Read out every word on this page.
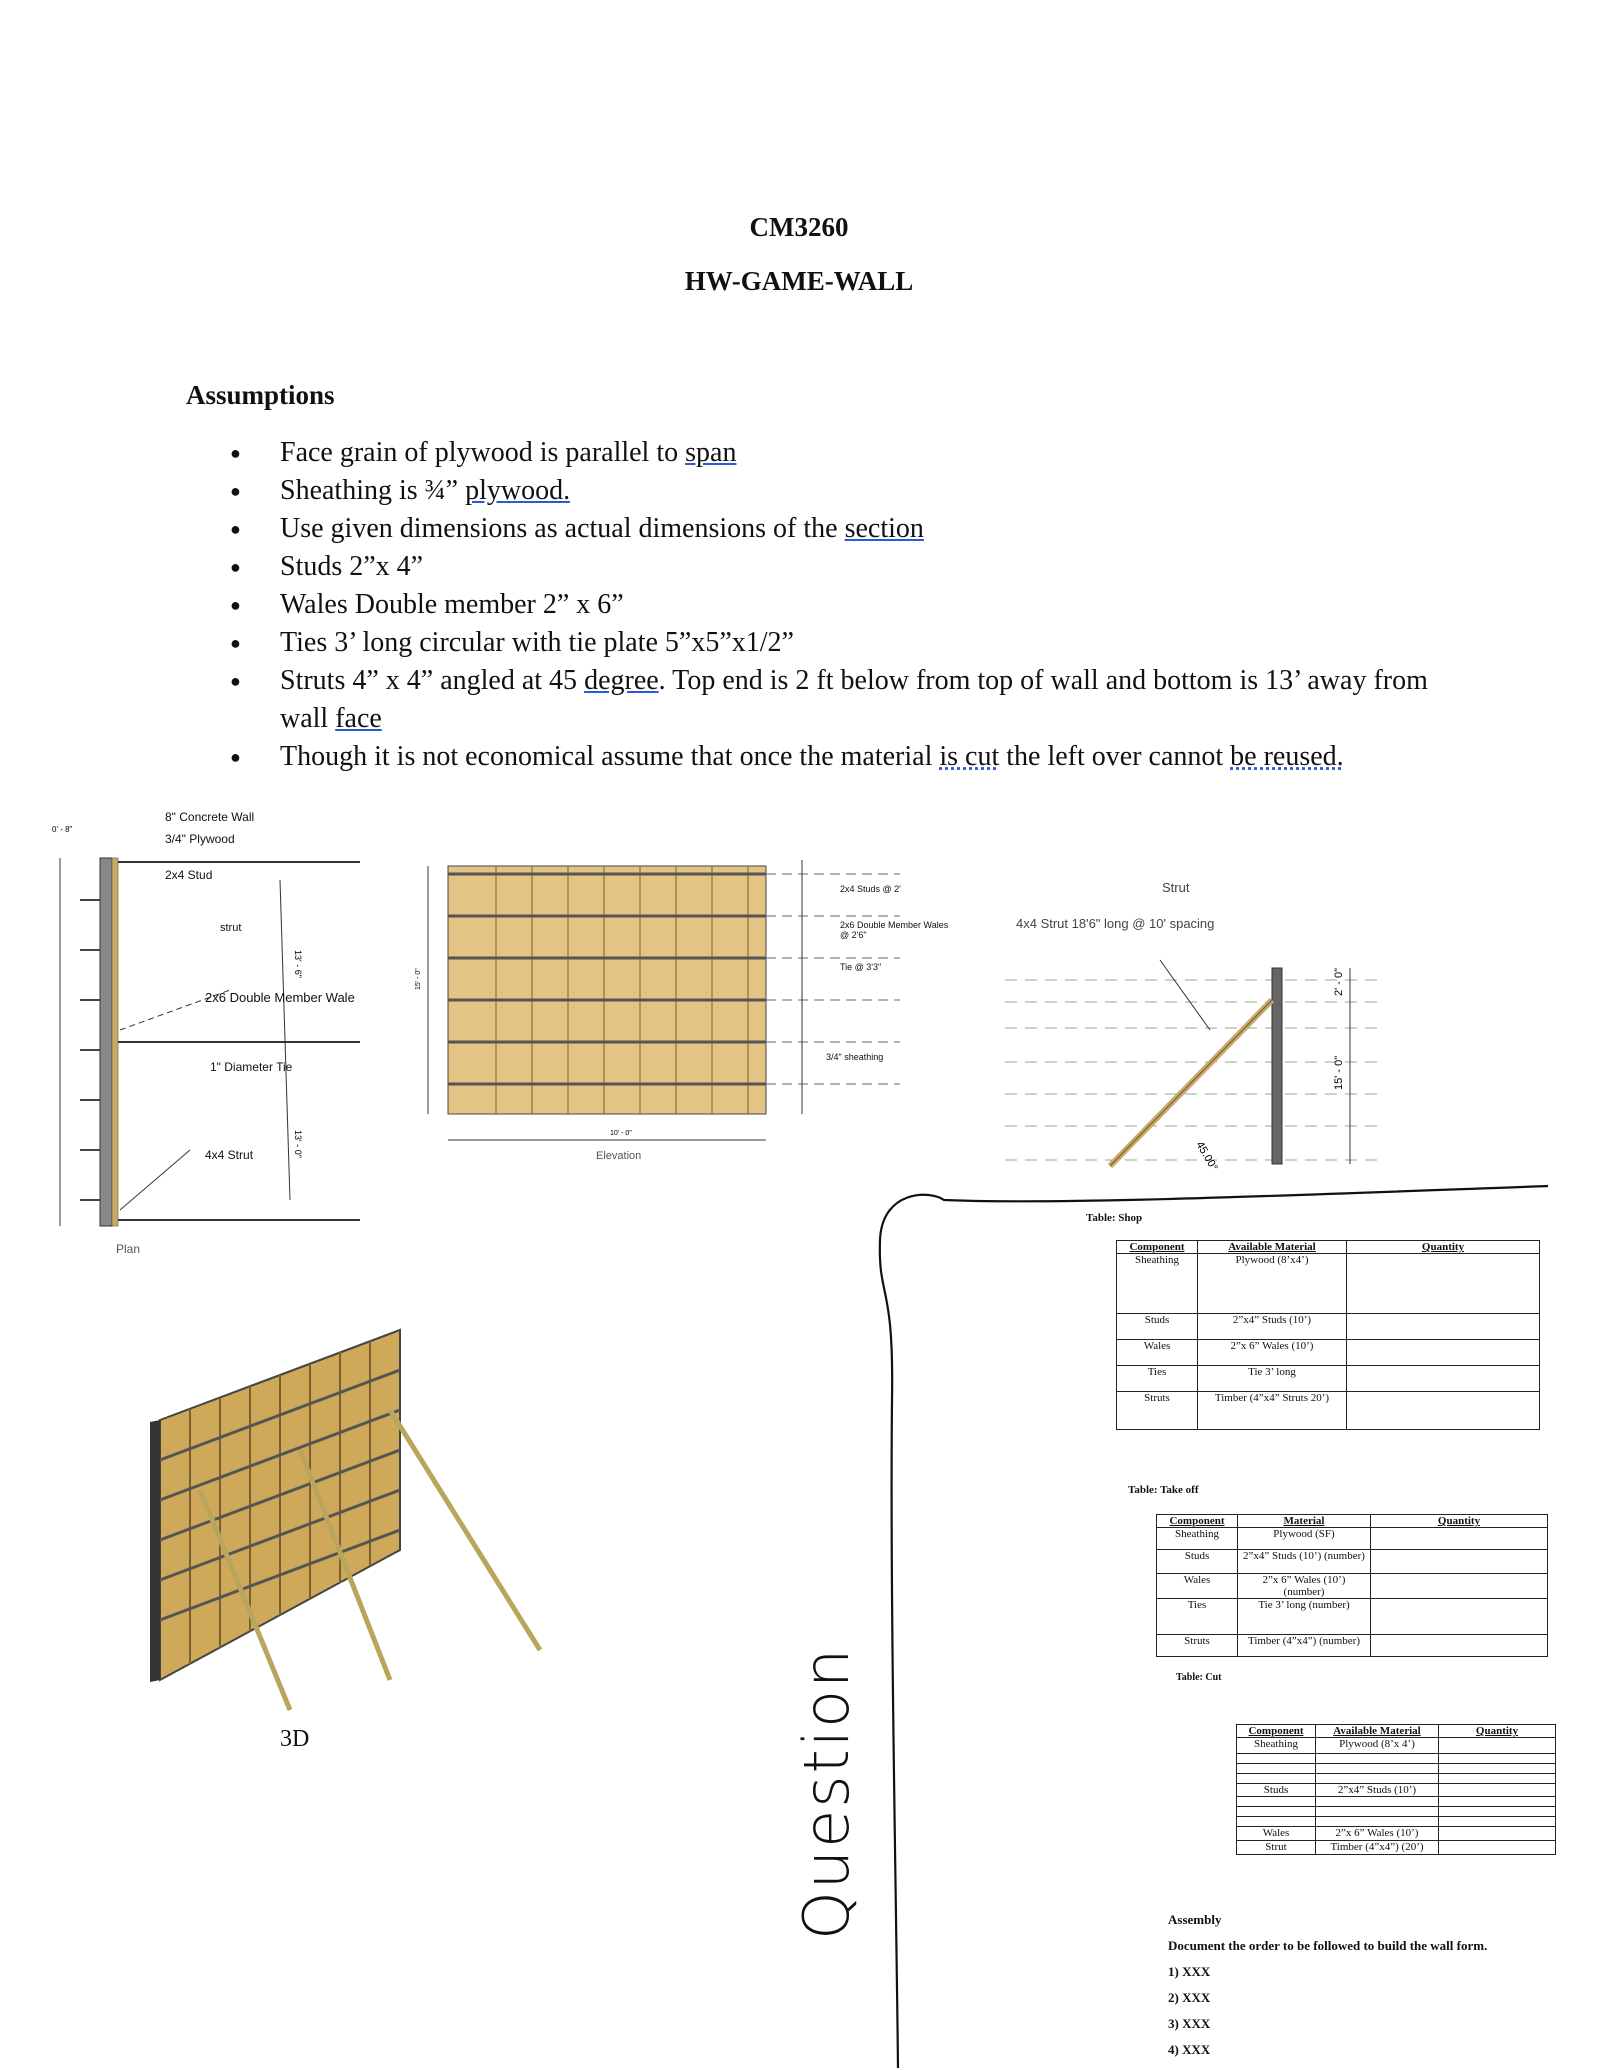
CM3260
HW-GAME-WALL
Assumptions
● Face grain of plywood is parallel to span
● Sheathing is ¾” plywood.
● Use given dimensions as actual dimensions of the section
● Studs 2”x 4”
● Wales Double member 2” x 6”
● Ties 3’ long circular with tie plate 5”x5”x1/2”
● Struts 4” x 4” angled at 45 degree. Top end is 2 ft below from top of wall and bottom is 13’ away from wall face
● Though it is not economical assume that once the material is cut the left over cannot be reused.
0' - 8"
13' - 6"
13' - 0"
8" Concrete Wall
3/4" Plywood
2x4 Stud
strut
2x6 Double Member Wale
1" Diameter Tie
4x4 Strut
Plan
15' - 0"
10' - 0"
2x4 Studs @ 2'
2x6 Double Member Wales @ 2'6"
Tie @ 3'3"
3/4" sheathing
Elevation
Strut
4x4 Strut 18'6" long @ 10' spacing
45.00°
2' - 0"
15' - 0"
3D	Question
Table: Shop
Component	Available Material	Quantity
Sheathing	Plywood (8’x4’)	
Studs	2”x4” Studs (10’)	
Wales	2”x 6” Wales (10’)	
Ties	Tie 3’ long	
Struts	Timber (4”x4” Struts 20’)	
Table: Take off
Component	Material	Quantity
Sheathing	Plywood (SF)	
Studs	2”x4” Studs (10’) (number)	
Wales	2”x 6” Wales (10’) (number)	
Ties	Tie 3’ long (number)	
Struts	Timber (4”x4”) (number)	
Table: Cut
Component	Available Material	Quantity
Sheathing	Plywood (8’x 4’)	

Studs	2”x4” Studs (10’)	

Wales	2”x 6” Wales (10’)	
Strut	Timber (4”x4”) (20’)	
Assembly
Document the order to be followed to build the wall form.
1) XXX
2) XXX
3) XXX
4) XXX
